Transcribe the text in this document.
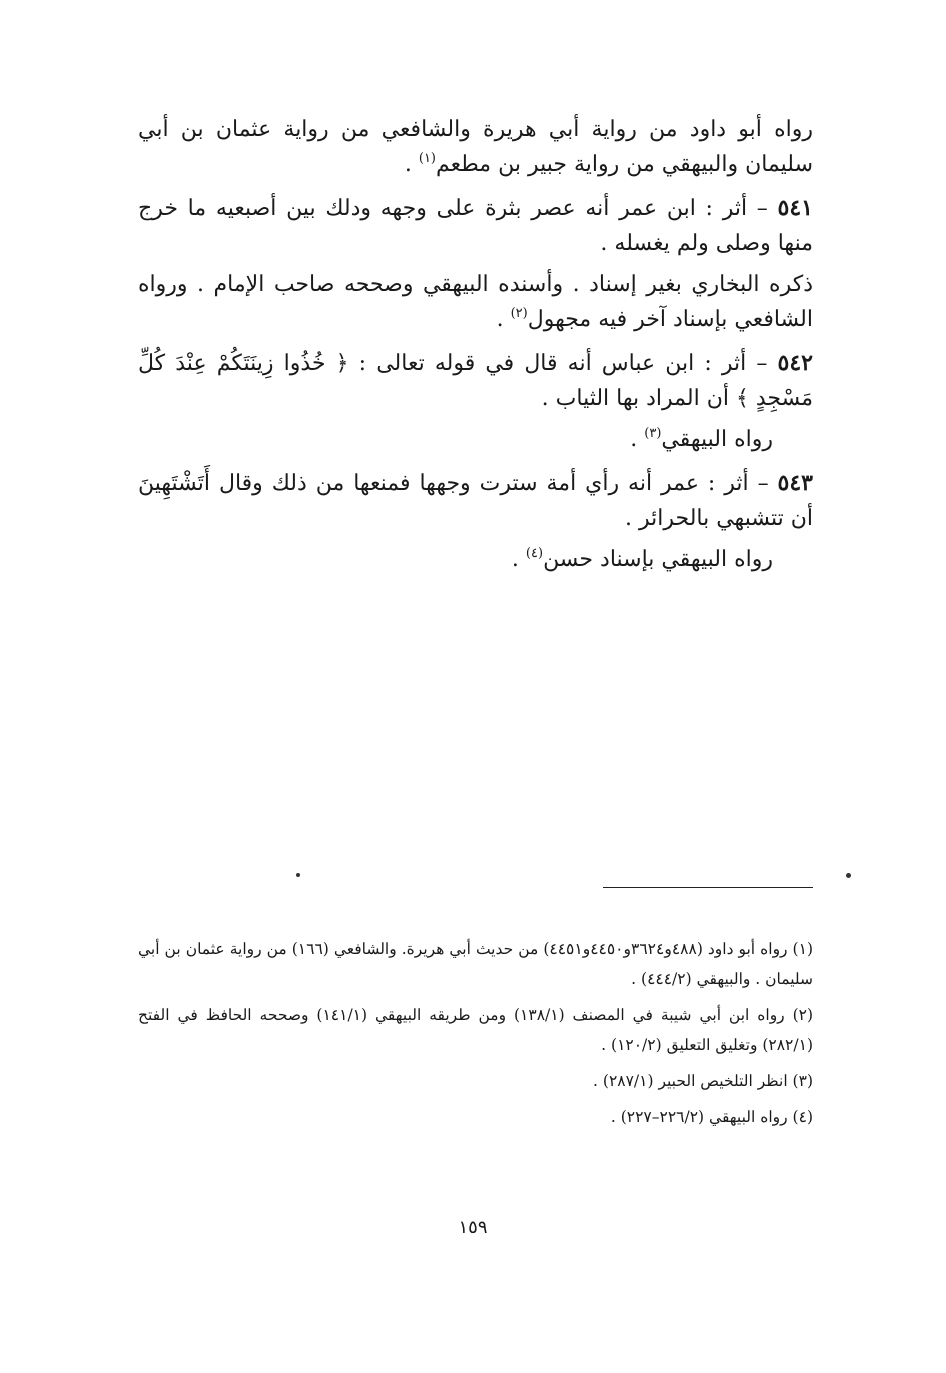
رواه أبو داود من رواية أبي هريرة والشافعي من رواية عثمان بن أبي سليمان والبيهقي من رواية جبير بن مطعم$^{(١)}$ .

٥٤١ – أثر : ابن عمر أنه عصر بثرة على وجهه ودلك بين أصبعيه ما خرج منها وصلى ولم يغسله .

ذكره البخاري بغير إسناد . وأسنده البيهقي وصححه صاحب الإمام . ورواه الشافعي بإسناد آخر فيه مجهول$^{(٢)}$ .

٥٤٢ – أثر : ابن عباس أنه قال في قوله تعالى : ﴿ خُذُوا زِينَتَكُمْ عِنْدَ كُلِّ مَسْجِدٍ ﴾ أن المراد بها الثياب .

رواه البيهقي$^{(٣)}$ .

٥٤٣ – أثر : عمر أنه رأي أمة سترت وجهها فمنعها من ذلك وقال أَتَشْتَهِينَ أن تتشبهي بالحرائر .

رواه البيهقي بإسناد حسن$^{(٤)}$ .

(١) رواه أبو داود (٤٨٨و٣٦٢٤و٤٤٥٠و٤٤٥١) من حديث أبي هريرة. والشافعي (١٦٦) من رواية عثمان بن أبي سليمان . والبيهقي (٤٤٤/٢) .

(٢) رواه ابن أبي شيبة في المصنف (١٣٨/١) ومن طريقه البيهقي (١٤١/١) وصححه الحافظ في الفتح (٢٨٢/١) وتغليق التعليق (١٢٠/٢) .

(٣) انظر التلخيص الحبير (٢٨٧/١) .

(٤) رواه البيهقي (٢٢٦/٢–٢٢٧) .

١٥٩
